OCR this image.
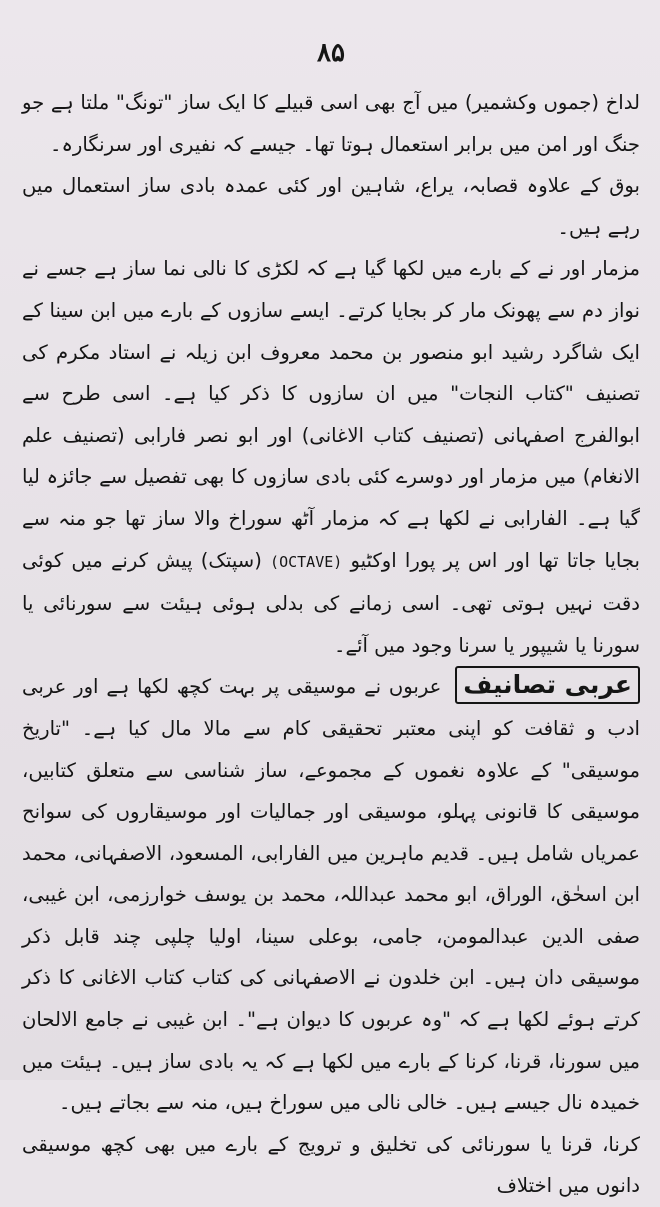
۸۵

لداخ (جموں وکشمیر) میں آج بھی اسی قبیلے کا ایک ساز "تونگ" ملتا ہے جو جنگ اور امن میں برابر استعمال ہوتا تھا۔ جیسے کہ نفیری اور سرنگارہ۔

بوق کے علاوہ قصابہ، یراع، شاہین اور کئی عمدہ بادی ساز استعمال میں رہے ہیں۔

مزمار اور نے کے بارے میں لکھا گیا ہے کہ لکڑی کا نالی نما ساز ہے جسے نے نواز دم سے پھونک مار کر بجایا کرتے۔ ایسے سازوں کے بارے میں ابن سینا کے ایک شاگرد رشید ابو منصور بن محمد معروف ابن زیلہ نے استاد مکرم کی تصنیف "کتاب النجات" میں ان سازوں کا ذکر کیا ہے۔ اسی طرح سے ابوالفرج اصفہانی (تصنیف کتاب الاغانی) اور ابو نصر فارابی (تصنیف علم الانغام) میں مزمار اور دوسرے کئی بادی سازوں کا بھی تفصیل سے جائزہ لیا گیا ہے۔ الفارابی نے لکھا ہے کہ مزمار آٹھ سوراخ والا ساز تھا جو منہ سے بجایا جاتا تھا اور اس پر پورا اوکٹیو (OCTAVE) (سپتک) پیش کرنے میں کوئی دقت نہیں ہوتی تھی۔ اسی زمانے کی بدلی ہوئی ہیئت سے سورنائی یا سورنا یا شیپور یا سرنا وجود میں آئے۔

عربی تصانیف عربوں نے موسیقی پر بہت کچھ لکھا ہے اور عربی ادب و ثقافت کو اپنی معتبر تحقیقی کام سے مالا مال کیا ہے۔ "تاریخ موسیقی" کے علاوہ نغموں کے مجموعے، ساز شناسی سے متعلق کتابیں، موسیقی کا قانونی پہلو، موسیقی اور جمالیات اور موسیقاروں کی سوانح عمریاں شامل ہیں۔ قدیم ماہرین میں الفارابی، المسعود، الاصفہانی، محمد ابن اسحٰق، الوراق، ابو محمد عبداللہ، محمد بن یوسف خوارزمی، ابن غیبی، صفی الدین عبدالمومن، جامی، بوعلی سینا، اولیا چلپی چند قابل ذکر موسیقی دان ہیں۔ ابن خلدون نے الاصفہانی کی کتاب کتاب الاغانی کا ذکر کرتے ہوئے لکھا ہے کہ "وہ عربوں کا دیوان ہے"۔ ابن غیبی نے جامع الالحان میں سورنا، قرنا، کرنا کے بارے میں لکھا ہے کہ یہ بادی ساز ہیں۔ ہیئت میں خمیدہ نال جیسے ہیں۔ خالی نالی میں سوراخ ہیں، منہ سے بجاتے ہیں۔

کرنا، قرنا یا سورنائی کی تخلیق و ترویج کے بارے میں بھی کچھ موسیقی دانوں میں اختلاف
